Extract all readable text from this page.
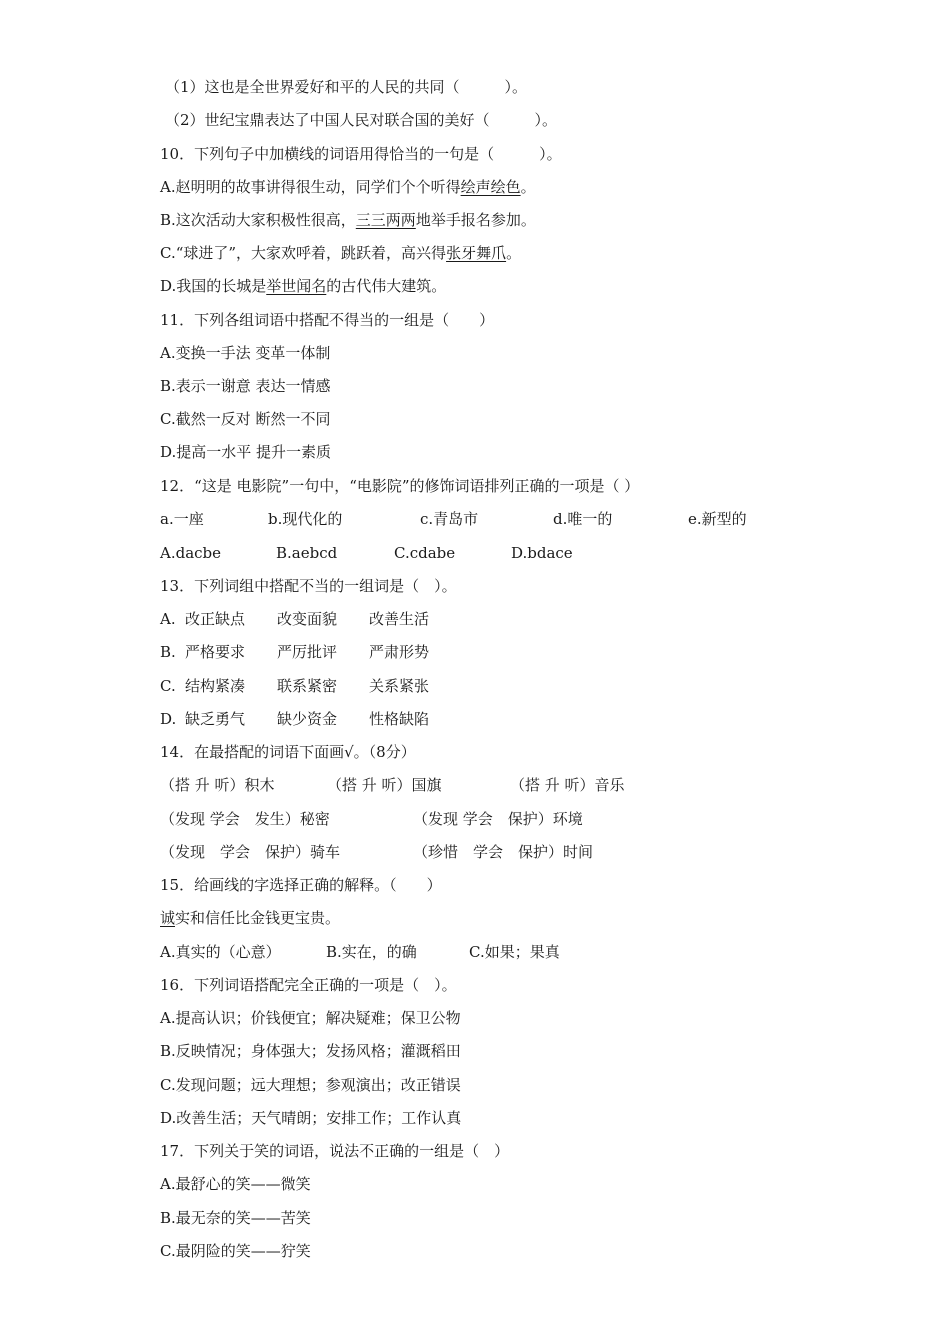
（1）这也是全世界爱好和平的人民的共同（　　　）。
（2）世纪宝鼎表达了中国人民对联合国的美好（　　　）。
10．下列句子中加横线的词语用得恰当的一句是（　　　）。
A.赵明明的故事讲得很生动，同学们个个听得绘声绘色。
B.这次活动大家积极性很高，三三两两地举手报名参加。
C.“球进了”，大家欢呼着，跳跃着，高兴得张牙舞爪。
D.我国的长城是举世闻名的古代伟大建筑。
11．下列各组词语中搭配不得当的一组是（　　）
A.变换一手法 变革一体制
B.表示一谢意 表达一情感
C.截然一反对 断然一不同
D.提高一水平 提升一素质
12．“这是 电影院”一句中，“电影院”的修饰词语排列正确的一项是（ ）
a.一座	b.现代化的	c.青岛市	d.唯一的	e.新型的
A.dacbe	B.aebcd	C.cdabe	D.bdace
13．下列词组中搭配不当的一组词是（　）。
A. 改正缺点 改变面貌 改善生活
B. 严格要求 严厉批评 严肃形势
C. 结构紧凑 联系紧密 关系紧张
D. 缺乏勇气 缺少资金 性格缺陷
14．在最搭配的词语下面画√。（8分）
（搭 升 听）积木	（搭 升 听）国旗	（搭 升 听）音乐
（发现 学会　发生）秘密	（发现 学会　保护）环境
（发现　学会　保护）骑车	（珍惜　学会　保护）时间
15．给画线的字选择正确的解释。（　　）
诚实和信任比金钱更宝贵。
A.真实的（心意）	B.实在，的确	C.如果；果真
16．下列词语搭配完全正确的一项是（　）。
A.提高认识；价钱便宜；解决疑难；保卫公物
B.反映情况；身体强大；发扬风格；灌溉稻田
C.发现问题；远大理想；参观演出；改正错误
D.改善生活；天气晴朗；安排工作；工作认真
17．下列关于笑的词语，说法不正确的一组是（　）
A.最舒心的笑——微笑
B.最无奈的笑——苦笑
C.最阴险的笑——狞笑
